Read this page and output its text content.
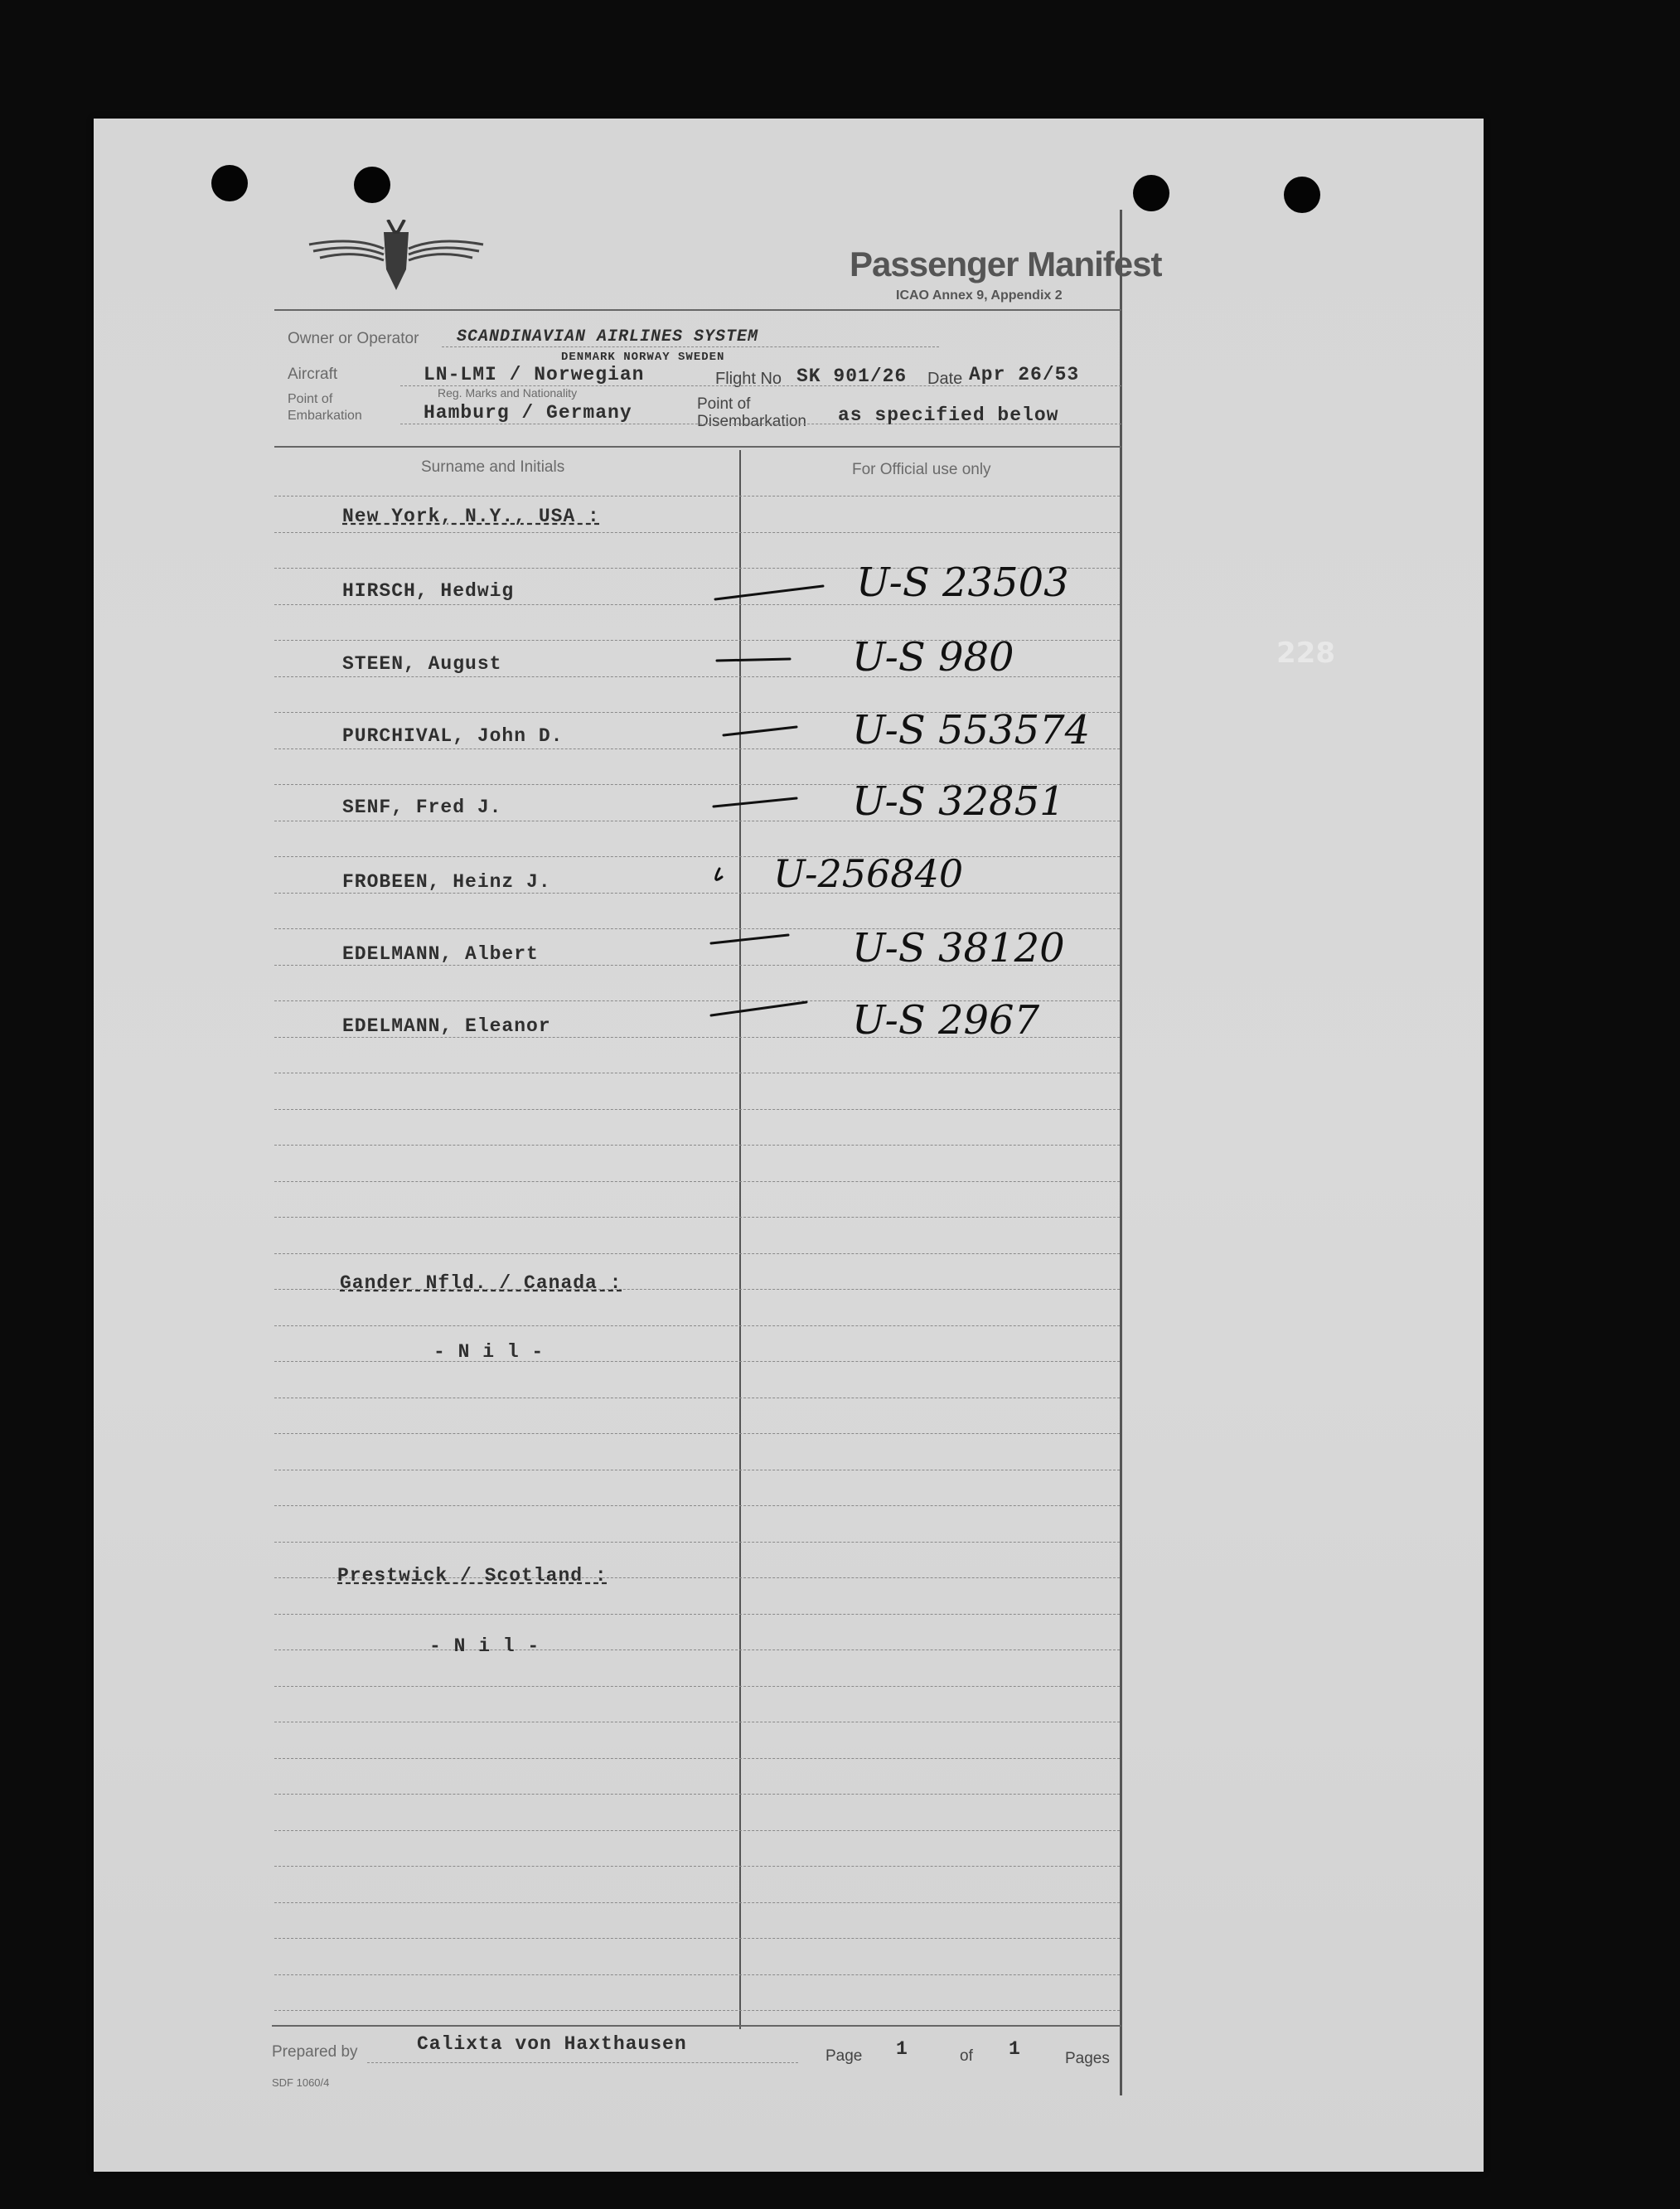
Passenger Manifest
ICAO Annex 9, Appendix 2
Owner or Operator SCANDINAVIAN AIRLINES SYSTEM
DENMARK NORWAY SWEDEN
Aircraft	LN-LMI / Norwegian
Reg. Marks and Nationality
Flight No SK 901/26 Date Apr 26/53
Point of
Embarkation	Hamburg / Germany	Point of
Disembarkation as specified below
Surname and Initials	For Official use only
New York, N.Y., USA :
HIRSCH, Hedwig	U-S 23503
STEEN, August	U-S 980
PURCHIVAL, John D.	U-S 553574
SENF, Fred J.	U-S 32851
FROBEEN, Heinz J.	U-256840
EDELMANN, Albert	U-S 38120
EDELMANN, Eleanor	U-S 2967
Gander Nfld. / Canada :
- N i l -
Prestwick / Scotland :
- N i l -
Prepared by	Calixta von Haxthausen
Page 1	of 1	Pages
SDF 1060/4
228
